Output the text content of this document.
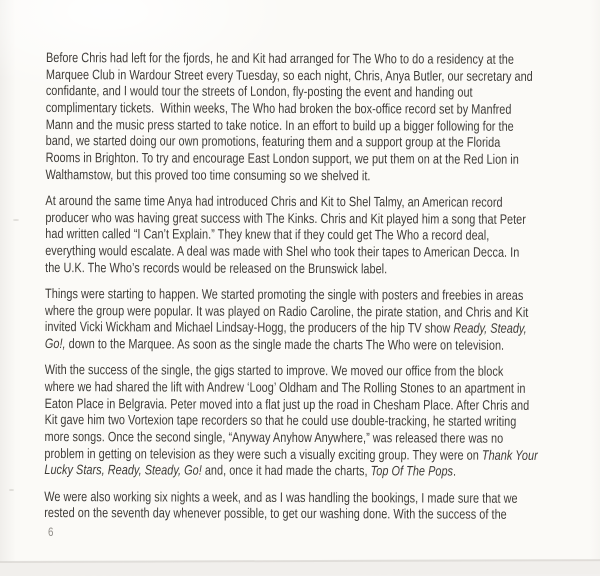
Before Chris had left for the fjords, he and Kit had arranged for The Who to do a residency at the
Marquee Club in Wardour Street every Tuesday, so each night, Chris, Anya Butler, our secretary and
confidante, and I would tour the streets of London, fly-posting the event and handing out
complimentary tickets.  Within weeks, The Who had broken the box-office record set by Manfred
Mann and the music press started to take notice. In an effort to build up a bigger following for the
band, we started doing our own promotions, featuring them and a support group at the Florida
Rooms in Brighton. To try and encourage East London support, we put them on at the Red Lion in
Walthamstow, but this proved too time consuming so we shelved it.
At around the same time Anya had introduced Chris and Kit to Shel Talmy, an American record
producer who was having great success with The Kinks. Chris and Kit played him a song that Peter
had written called “I Can’t Explain.” They knew that if they could get The Who a record deal,
everything would escalate. A deal was made with Shel who took their tapes to American Decca. In
the U.K. The Who’s records would be released on the Brunswick label.
Things were starting to happen. We started promoting the single with posters and freebies in areas
where the group were popular. It was played on Radio Caroline, the pirate station, and Chris and Kit
invited Vicki Wickham and Michael Lindsay-Hogg, the producers of the hip TV show Ready, Steady,
Go!, down to the Marquee. As soon as the single made the charts The Who were on television.
With the success of the single, the gigs started to improve. We moved our office from the block
where we had shared the lift with Andrew ‘Loog’ Oldham and The Rolling Stones to an apartment in
Eaton Place in Belgravia. Peter moved into a flat just up the road in Chesham Place. After Chris and
Kit gave him two Vortexion tape recorders so that he could use double-tracking, he started writing
more songs. Once the second single, “Anyway Anyhow Anywhere,” was released there was no
problem in getting on television as they were such a visually exciting group. They were on Thank Your
Lucky Stars, Ready, Steady, Go! and, once it had made the charts, Top Of The Pops.
We were also working six nights a week, and as I was handling the bookings, I made sure that we
rested on the seventh day whenever possible, to get our washing done. With the success of the
6
